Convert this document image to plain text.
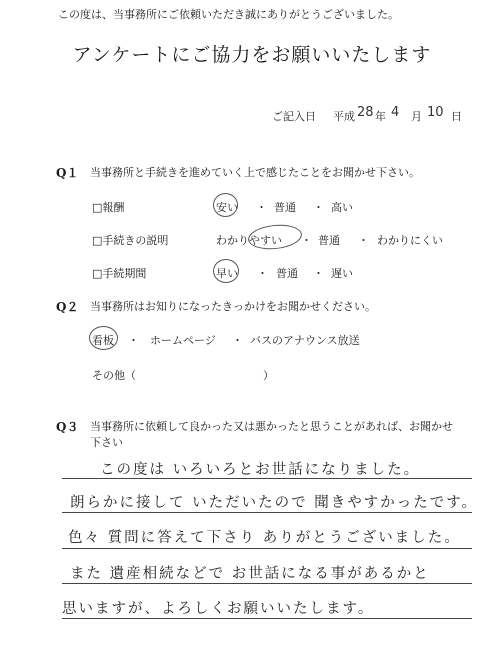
この度は、当事務所にご依頼いただき誠にありがとうございました。
アンケートにご協力をお願いいたします
ご記入日 平成 28 年 4 月 10 日
Q１ 当事務所と手続きを進めていく上で感じたことをお聞かせ下さい。
□報酬	安い ・ 普通 ・ 高い
□手続きの説明	わかりやすい ・ 普通 ・ わかりにくい
□手続期間	早い ・ 普通 ・ 遅い
Q２ 当事務所はお知りになったきっかけをお聞かせください。
看板 ・ ホームページ ・ バスのアナウンス放送
その他（	）
Q３ 当事務所に依頼して良かった又は悪かったと思うことがあれば、お聞かせ
下さい
この度は いろいろとお世話になりました。
朗らかに接して いただいたので 聞きやすかったです。
色々 質問に答えて下さり ありがとうございました。
また 遺産相続などで お世話になる事があるかと
思いますが、よろしくお願いいたします。
